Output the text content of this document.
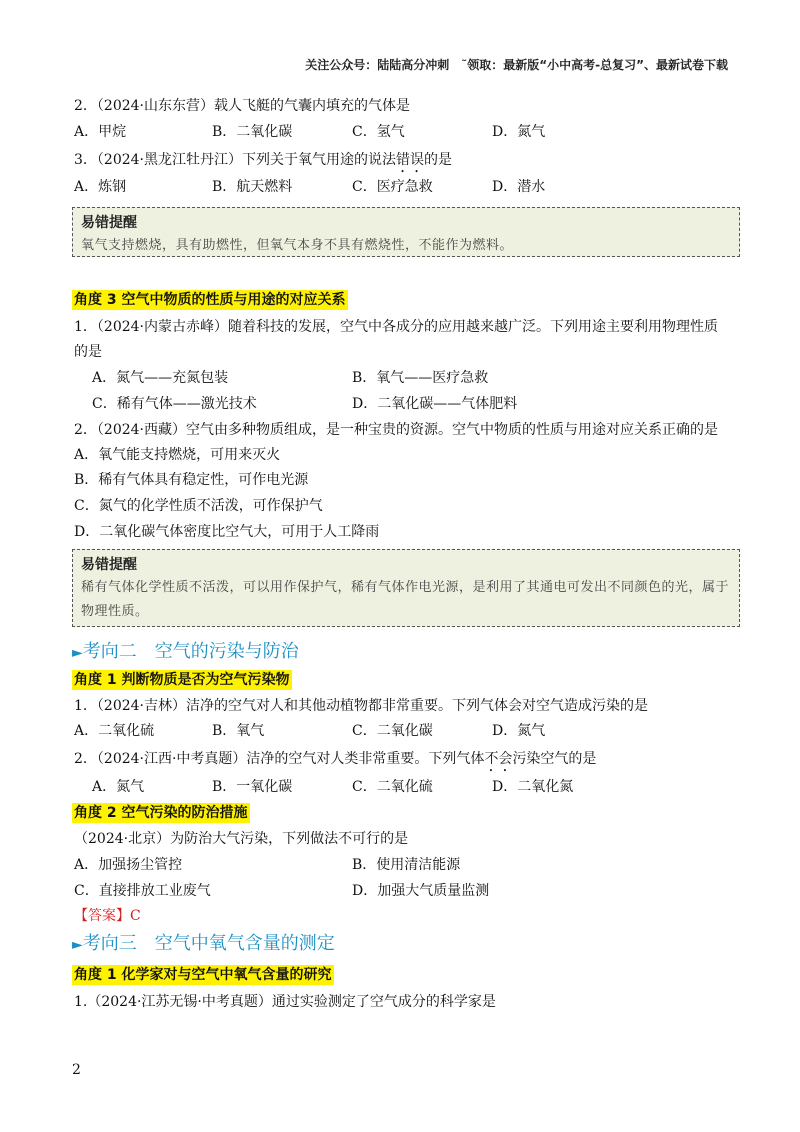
关注公众号：陆陆高分冲刺　˜领取：最新版“小中高考-总复习”、最新试卷下载
2．（2024·山东东营）载人飞艇的气囊内填充的气体是
A．甲烷	B．二氧化碳	C．氢气	D．氮气
3．（2024·黑龙江牡丹江）下列关于氧气用途的说法错误的是
A．炼钢	B．航天燃料	C．医疗急救	D．潜水
易错提醒
氧气支持燃烧，具有助燃性，但氧气本身不具有燃烧性，不能作为燃料。
角度 3 空气中物质的性质与用途的对应关系
1．（2024·内蒙古赤峰）随着科技的发展，空气中各成分的应用越来越广泛。下列用途主要利用物理性质
的是
A．氮气——充氮包装	B．氧气——医疗急救
C．稀有气体——激光技术	D．二氧化碳——气体肥料
2．（2024·西藏）空气由多种物质组成，是一种宝贵的资源。空气中物质的性质与用途对应关系正确的是
A．氧气能支持燃烧，可用来灭火
B．稀有气体具有稳定性，可作电光源
C．氮气的化学性质不活泼，可作保护气
D．二氧化碳气体密度比空气大，可用于人工降雨
易错提醒
稀有气体化学性质不活泼，可以用作保护气，稀有气体作电光源，是利用了其通电可发出不同颜色的光，属于物理性质。
►考向二　空气的污染与防治
角度 1 判断物质是否为空气污染物
1．（2024·吉林）洁净的空气对人和其他动植物都非常重要。下列气体会对空气造成污染的是
A．二氧化硫	B．氧气	C．二氧化碳	D．氮气
2．（2024·江西·中考真题）洁净的空气对人类非常重要。下列气体不会污染空气的是
A．氮气	B．一氧化碳	C．二氧化硫	D．二氧化氮
角度 2 空气污染的防治措施
（2024·北京）为防治大气污染，下列做法不可行的是
A．加强扬尘管控	B．使用清洁能源
C．直接排放工业废气	D．加强大气质量监测
【答案】C
►考向三　空气中氧气含量的测定
角度 1 化学家对与空气中氧气含量的研究
1.（2024·江苏无锡·中考真题）通过实验测定了空气成分的科学家是
2
